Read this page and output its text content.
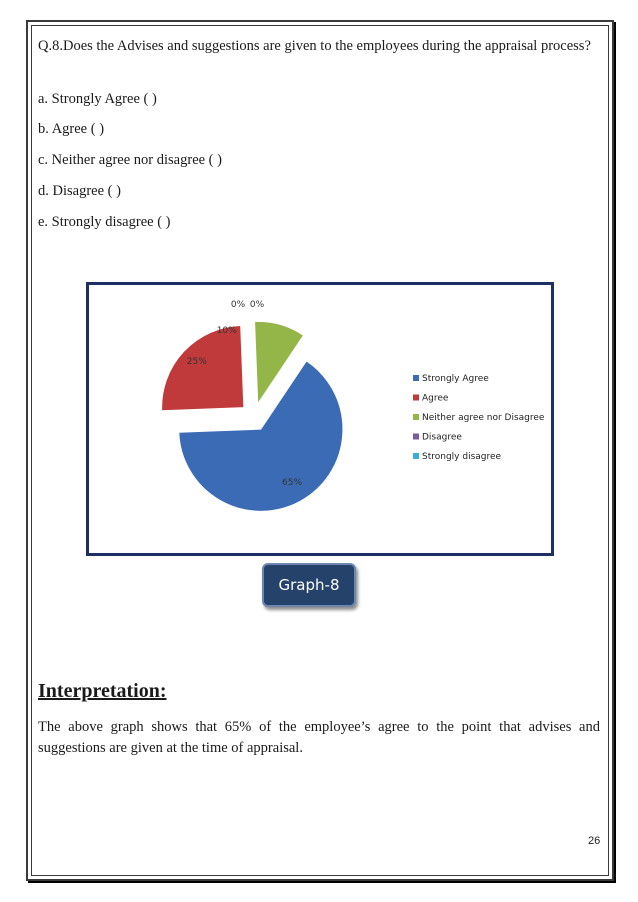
Q.8.Does the Advises and suggestions are given to the employees during the appraisal process?
a. Strongly Agree ( )
b. Agree ( )
c. Neither agree nor disagree ( )
d. Disagree ( )
e. Strongly disagree ( )
65%
25%
10%
0% 0%
Strongly Agree
Agree
Neither agree nor Disagree
Disagree
Strongly disagree
Graph-8
Interpretation:
The above graph shows that 65% of the employee’s agree to the point that advises and suggestions are given at the time of appraisal.
26
